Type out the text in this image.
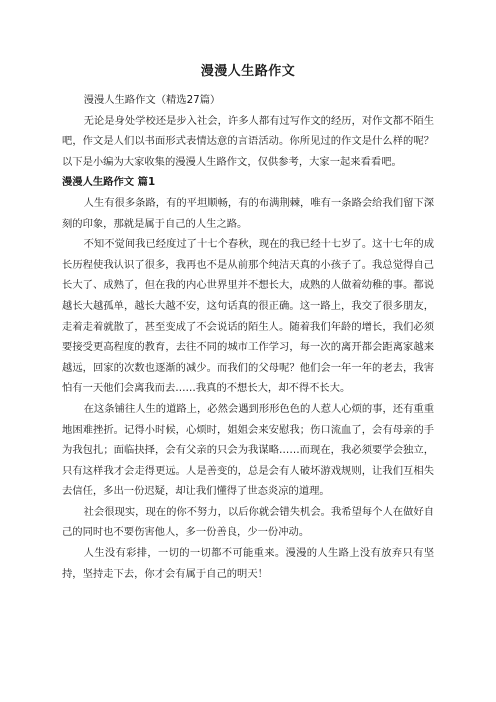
漫漫人生路作文

漫漫人生路作文（精选27篇）

无论是身处学校还是步入社会，许多人都有过写作文的经历，对作文都不陌生吧，作文是人们以书面形式表情达意的言语活动。你所见过的作文是什么样的呢？以下是小编为大家收集的漫漫人生路作文，仅供参考，大家一起来看看吧。

漫漫人生路作文 篇1

人生有很多条路，有的平坦顺畅，有的布满荆棘，唯有一条路会给我们留下深刻的印象，那就是属于自己的人生之路。

不知不觉间我已经度过了十七个春秋，现在的我已经十七岁了。这十七年的成长历程使我认识了很多，我再也不是从前那个纯洁天真的小孩子了。我总觉得自己长大了、成熟了，但在我的内心世界里并不想长大，成熟的人做着幼稚的事。都说越长大越孤单，越长大越不安，这句话真的很正确。这一路上，我交了很多朋友，走着走着就散了，甚至变成了不会说话的陌生人。随着我们年龄的增长，我们必须要接受更高程度的教育，去往不同的城市工作学习，每一次的离开都会距离家越来越远，回家的次数也逐渐的减少。而我们的父母呢？他们会一年一年的老去，我害怕有一天他们会离我而去……我真的不想长大，却不得不长大。

在这条铺往人生的道路上，必然会遇到形形色色的人惹人心烦的事，还有重重地困难挫折。记得小时候，心烦时，姐姐会来安慰我；伤口流血了，会有母亲的手为我包扎；面临抉择，会有父亲的只会为我谋略……而现在，我必须要学会独立，只有这样我才会走得更远。人是善变的，总是会有人破坏游戏规则，让我们互相失去信任，多出一份迟疑，却让我们懂得了世态炎凉的道理。

社会很现实，现在的你不努力，以后你就会错失机会。我希望每个人在做好自己的同时也不要伤害他人，多一份善良，少一份冲动。

人生没有彩排，一切的一切都不可能重来。漫漫的人生路上没有放弃只有坚持，坚持走下去，你才会有属于自己的明天！
